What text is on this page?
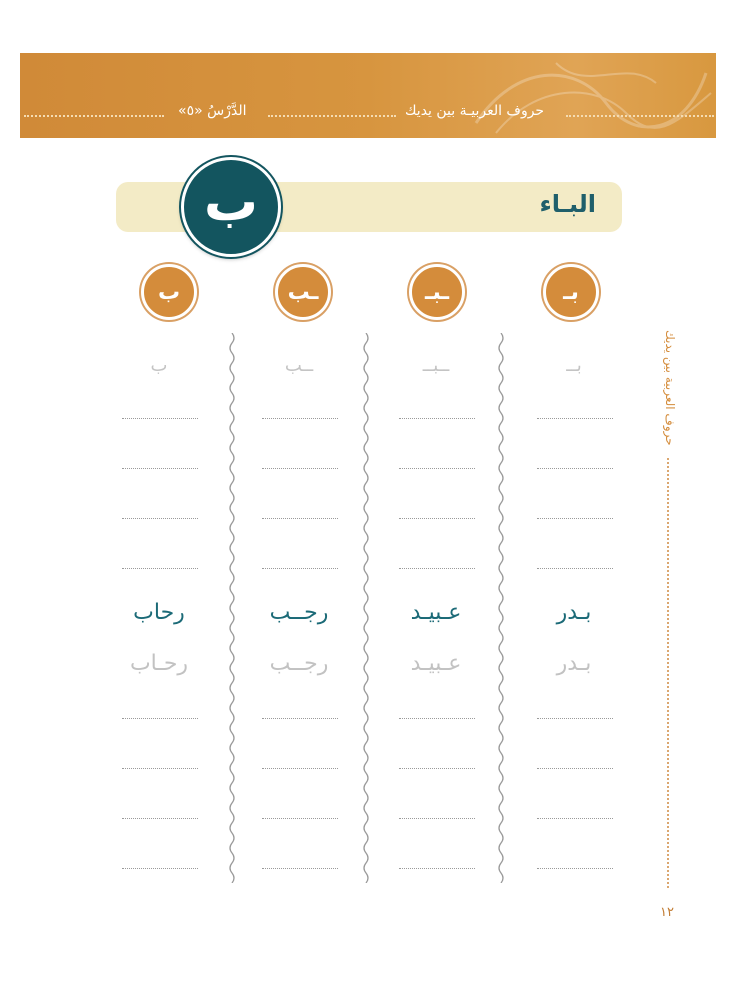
حروف العربيـة بين يديك
الدَّرْسُ «٥»
البـاء
ب
بـ
ـبـ
ـب
ب
بــ
ــبــ
ــب
ب
بـدر
عـبيـد
رجــب
رحاب
بـدر
عـبيـد
رجــب
رحـاب
حروف العربية بين يديك
١٢
